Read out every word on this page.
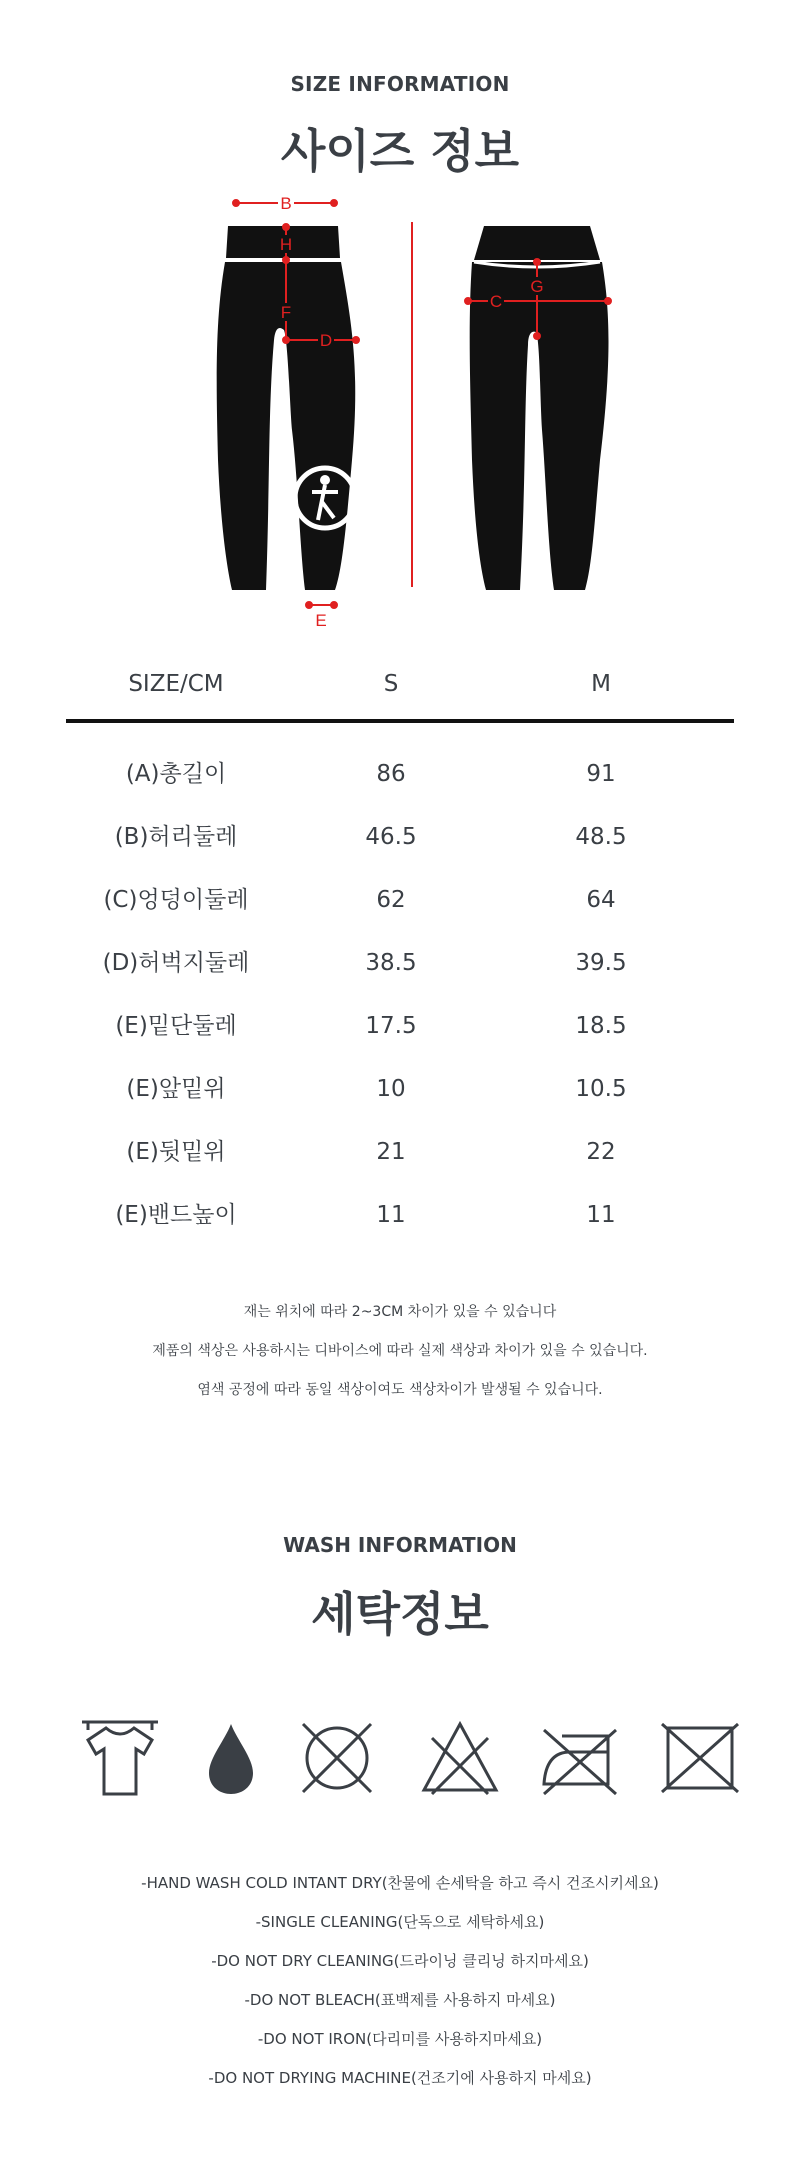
SIZE INFORMATION
사이즈 정보
B
H
F
D
E
C
G
SIZE/CM	S	M
(A)총길이	86	91
(B)허리둘레	46.5	48.5
(C)엉덩이둘레	62	64
(D)허벅지둘레	38.5	39.5
(E)밑단둘레	17.5	18.5
(E)앞밑위	10	10.5
(E)뒷밑위	21	22
(E)밴드높이	11	11
재는 위치에 따라 2~3CM 차이가 있을 수 있습니다
제품의 색상은 사용하시는 디바이스에 따라 실제 색상과 차이가 있을 수 있습니다.
염색 공정에 따라 동일 색상이여도 색상차이가 발생될 수 있습니다.
WASH INFORMATION
세탁정보
-HAND WASH COLD INTANT DRY(찬물에 손세탁을 하고 즉시 건조시키세요)
-SINGLE CLEANING(단독으로 세탁하세요)
-DO NOT DRY CLEANING(드라이닝 클리닝 하지마세요)
-DO NOT BLEACH(표백제를 사용하지 마세요)
-DO NOT IRON(다리미를 사용하지마세요)
-DO NOT DRYING MACHINE(건조기에 사용하지 마세요)
